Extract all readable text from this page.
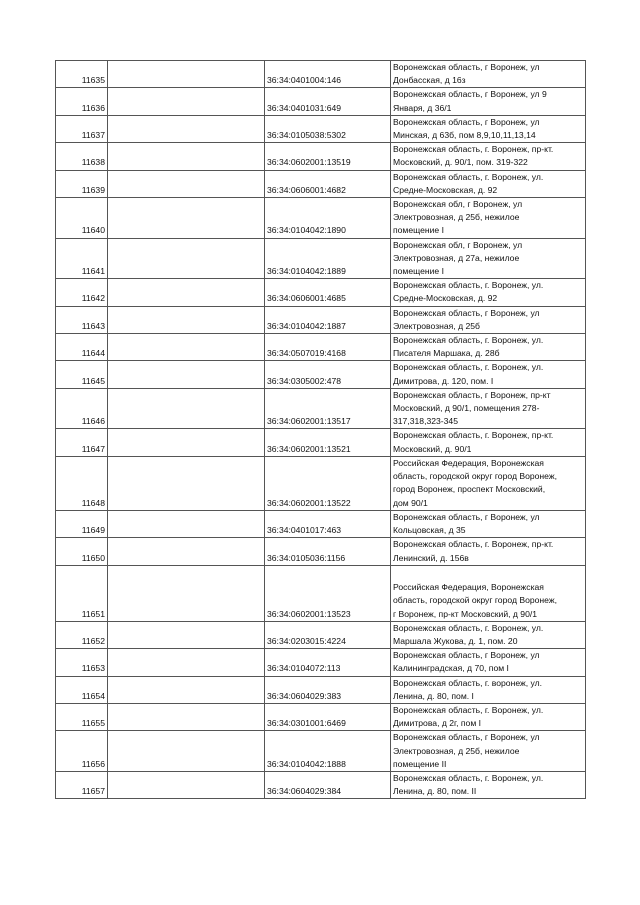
11635		36:34:0401004:146	Воронежская область, г Воронеж, ул
Донбасская, д 16з
11636		36:34:0401031:649	Воронежская область, г Воронеж, ул 9
Января, д 36/1
11637		36:34:0105038:5302	Воронежская область, г Воронеж, ул
Минская, д 63б, пом 8,9,10,11,13,14
11638		36:34:0602001:13519	Воронежская область, г. Воронеж, пр-кт.
Московский, д. 90/1, пом. 319-322
11639		36:34:0606001:4682	Воронежская область, г. Воронеж, ул.
Средне-Московская, д. 92
11640		36:34:0104042:1890	Воронежская обл, г Воронеж, ул
Электровозная, д 25б, нежилое
помещение I
11641		36:34:0104042:1889	Воронежская обл, г Воронеж, ул
Электровозная, д 27а, нежилое
помещение I
11642		36:34:0606001:4685	Воронежская область, г. Воронеж, ул.
Средне-Московская, д. 92
11643		36:34:0104042:1887	Воронежская область, г Воронеж, ул
Электровозная, д 25б
11644		36:34:0507019:4168	Воронежская область, г. Воронеж, ул.
Писателя Маршака, д. 28б
11645		36:34:0305002:478	Воронежская область, г. Воронеж, ул.
Димитрова, д. 120, пом. I
11646		36:34:0602001:13517	Воронежская область, г Воронеж, пр-кт
Московский, д 90/1, помещения 278-
317,318,323-345
11647		36:34:0602001:13521	Воронежская область, г. Воронеж, пр-кт.
Московский, д. 90/1
11648		36:34:0602001:13522	Российская Федерация, Воронежская
область, городской округ город Воронеж,
город Воронеж, проспект Московский,
дом 90/1
11649		36:34:0401017:463	Воронежская область, г Воронеж, ул
Кольцовская, д 35
11650		36:34:0105036:1156	Воронежская область, г. Воронеж, пр-кт.
Ленинский, д. 156в
11651		36:34:0602001:13523	Российская Федерация, Воронежская
область, городской округ город Воронеж,
г Воронеж, пр-кт Московский, д 90/1
11652		36:34:0203015:4224	Воронежская область, г. Воронеж, ул.
Маршала Жукова, д. 1, пом. 20
11653		36:34:0104072:113	Воронежская область, г Воронеж, ул
Калининградская, д 70, пом I
11654		36:34:0604029:383	Воронежская область, г. воронеж, ул.
Ленина, д. 80, пом. I
11655		36:34:0301001:6469	Воронежская область, г. Воронеж, ул.
Димитрова, д 2г, пом I
11656		36:34:0104042:1888	Воронежская область, г Воронеж, ул
Электровозная, д 25б, нежилое
помещение II
11657		36:34:0604029:384	Воронежская область, г. Воронеж, ул.
Ленина, д. 80, пом. II
